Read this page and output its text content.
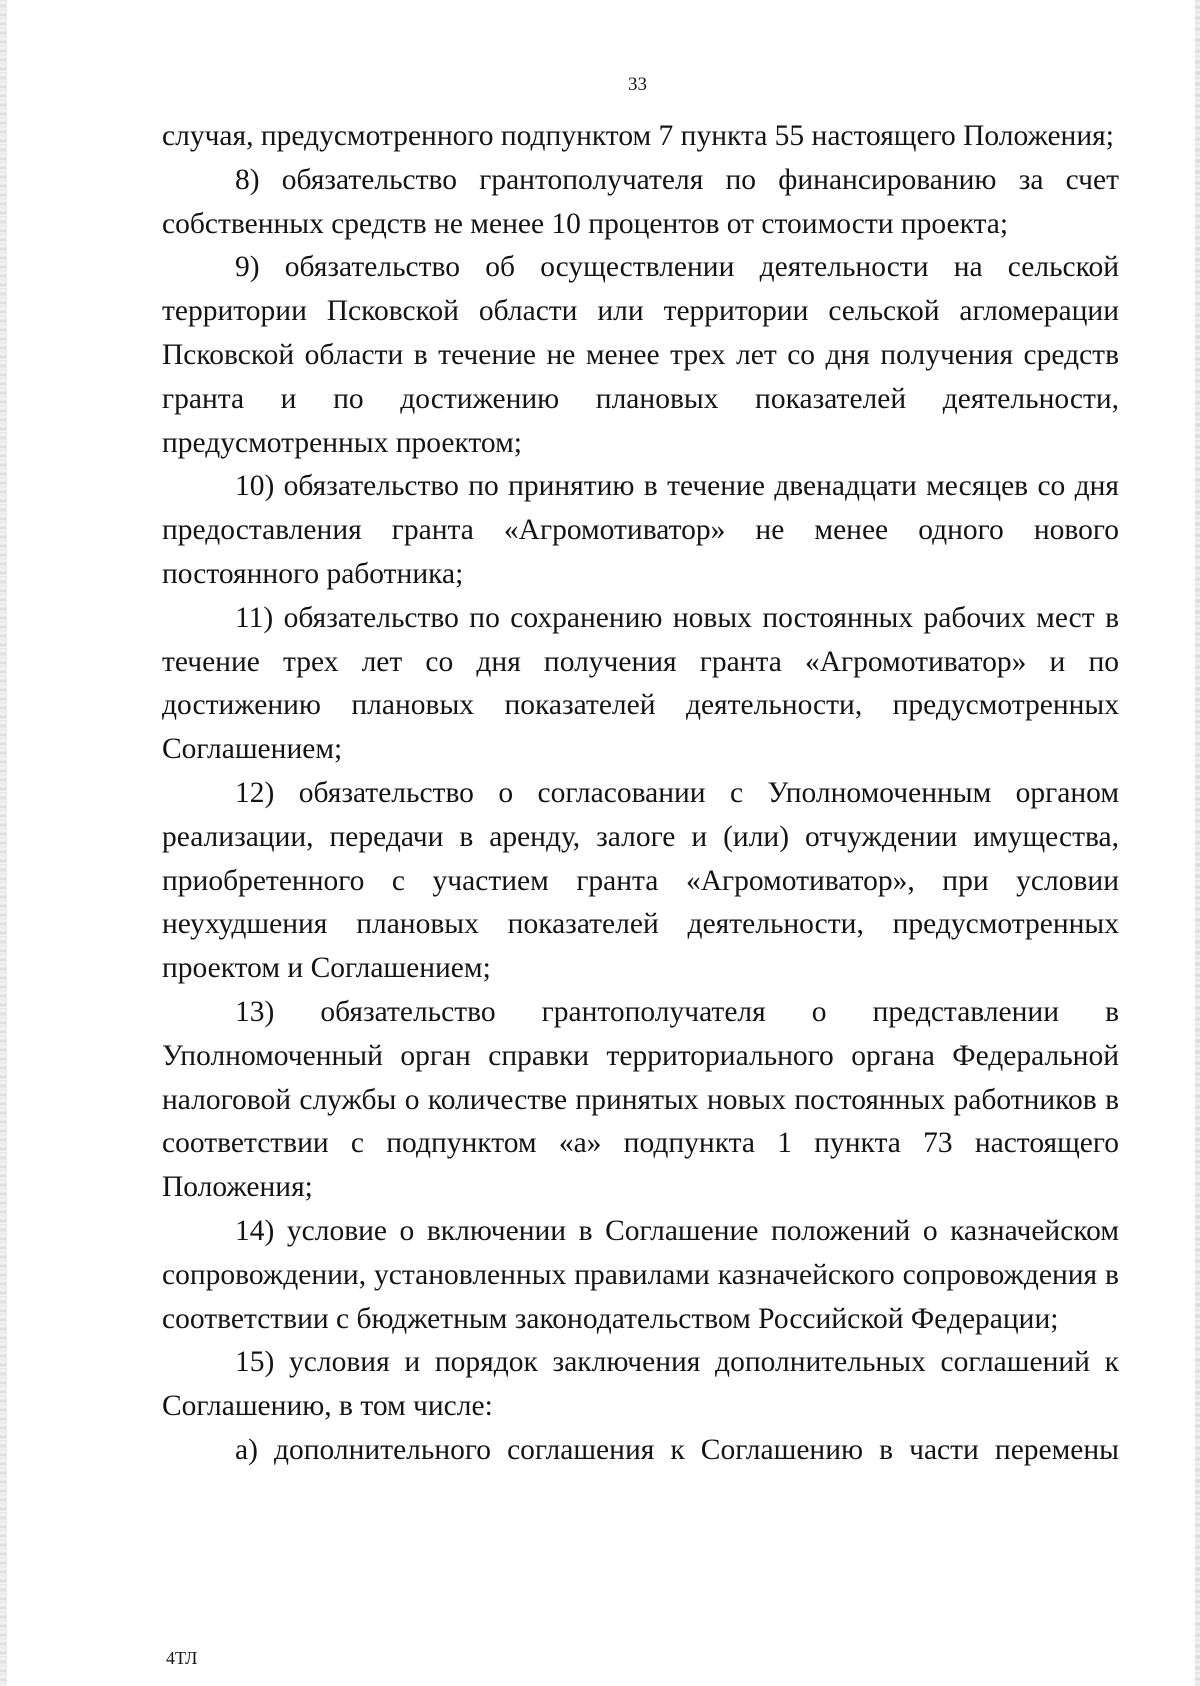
33

случая, предусмотренного подпунктом 7 пункта 55 настоящего Положения;

8) обязательство грантополучателя по финансированию за счет собственных средств не менее 10 процентов от стоимости проекта;

9) обязательство об осуществлении деятельности на сельской территории Псковской области или территории сельской агломерации Псковской области в течение не менее трех лет со дня получения средств гранта и по достижению плановых показателей деятельности, предусмотренных проектом;

10) обязательство по принятию в течение двенадцати месяцев со дня предоставления гранта «Агромотиватор» не менее одного нового постоянного работника;

11) обязательство по сохранению новых постоянных рабочих мест в течение трех лет со дня получения гранта «Агромотиватор» и по достижению плановых показателей деятельности, предусмотренных Соглашением;

12) обязательство о согласовании с Уполномоченным органом реализации, передачи в аренду, залоге и (или) отчуждении имущества, приобретенного с участием гранта «Агромотиватор», при условии неухудшения плановых показателей деятельности, предусмотренных проектом и Соглашением;

13) обязательство грантополучателя о представлении в Уполномоченный орган справки территориального органа Федеральной налоговой службы о количестве принятых новых постоянных работников в соответствии с подпунктом «а» подпункта 1 пункта 73 настоящего Положения;

14) условие о включении в Соглашение положений о казначейском сопровождении, установленных правилами казначейского сопровождения в соответствии с бюджетным законодательством Российской Федерации;

15) условия и порядок заключения дополнительных соглашений к Соглашению, в том числе:

а) дополнительного соглашения к Соглашению в части перемены

4ТЛ
